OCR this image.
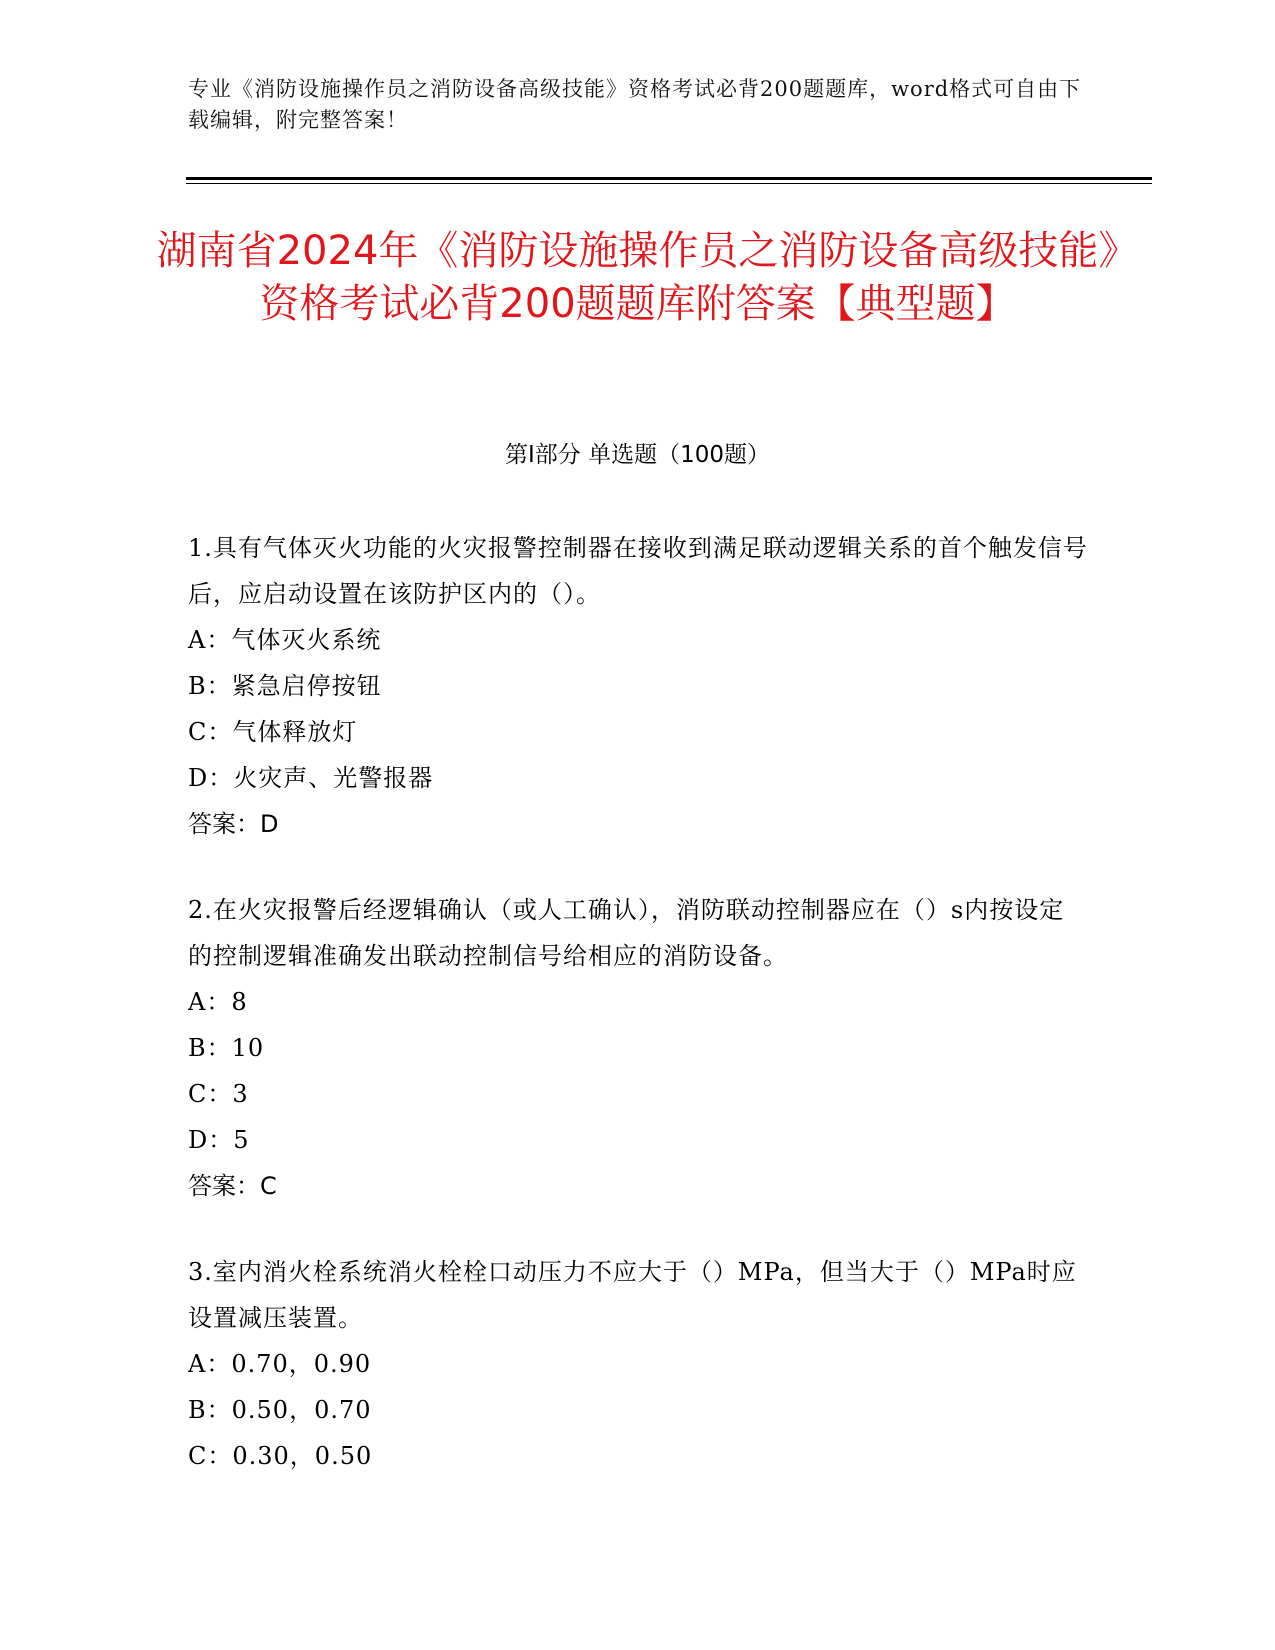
专业《消防设施操作员之消防设备高级技能》资格考试必背200题题库，word格式可自由下载编辑，附完整答案！
湖南省2024年《消防设施操作员之消防设备高级技能》资格考试必背200题题库附答案【典型题】
第I部分 单选题（100题）

1.具有气体灭火功能的火灾报警控制器在接收到满足联动逻辑关系的首个触发信号后，应启动设置在该防护区内的（）。

A：气体灭火系统

B：紧急启停按钮

C：气体释放灯

D：火灾声、光警报器

答案：D

2.在火灾报警后经逻辑确认（或人工确认），消防联动控制器应在（）s内按设定的控制逻辑准确发出联动控制信号给相应的消防设备。

A：8

B：10

C：3

D：5

答案：C

3.室内消火栓系统消火栓栓口动压力不应大于（）MPa，但当大于（）MPa时应设置减压装置。

A：0.70，0.90

B：0.50，0.70

C：0.30，0.50
